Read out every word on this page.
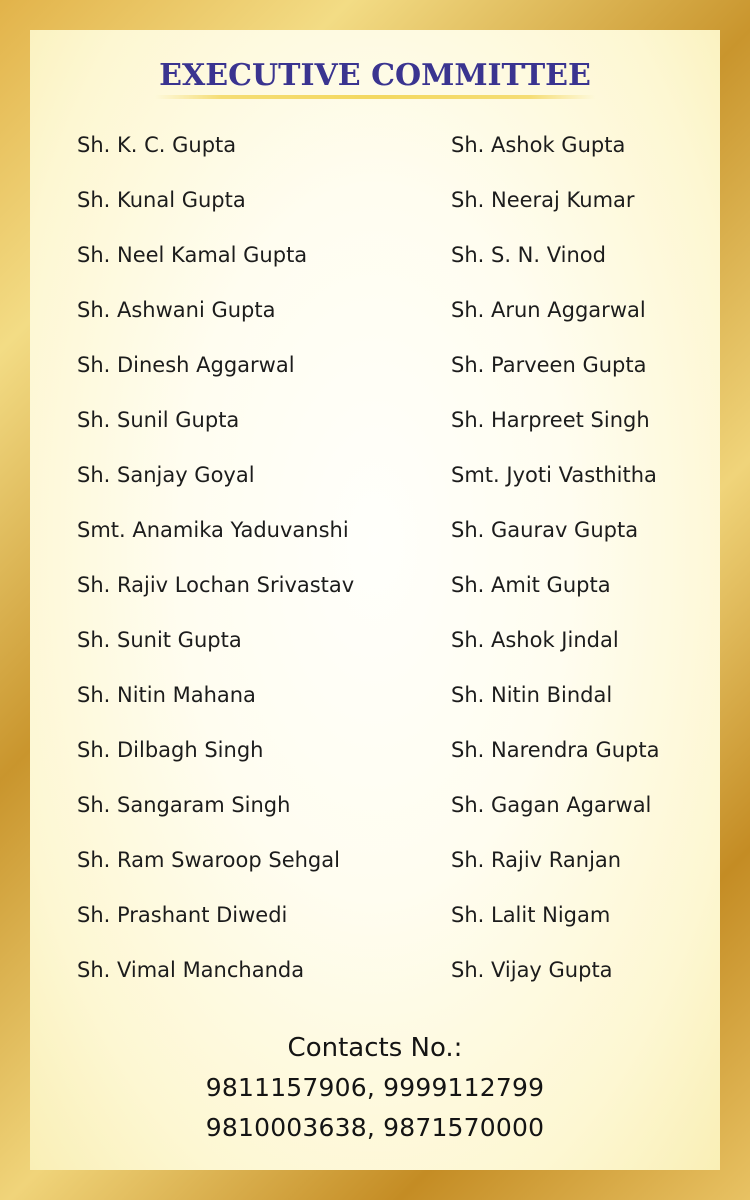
EXECUTIVE COMMITTEE
Sh. K. C. Gupta
Sh. Kunal Gupta
Sh. Neel Kamal Gupta
Sh. Ashwani Gupta
Sh. Dinesh Aggarwal
Sh. Sunil Gupta
Sh. Sanjay Goyal
Smt. Anamika Yaduvanshi
Sh. Rajiv Lochan Srivastav
Sh. Sunit Gupta
Sh. Nitin Mahana
Sh. Dilbagh Singh
Sh. Sangaram Singh
Sh. Ram Swaroop Sehgal
Sh. Prashant Diwedi
Sh. Vimal Manchanda
Sh. Ashok Gupta
Sh. Neeraj Kumar
Sh. S. N. Vinod
Sh. Arun Aggarwal
Sh. Parveen Gupta
Sh. Harpreet Singh
Smt. Jyoti Vasthitha
Sh. Gaurav Gupta
Sh. Amit Gupta
Sh. Ashok Jindal
Sh. Nitin Bindal
Sh. Narendra Gupta
Sh. Gagan Agarwal
Sh. Rajiv Ranjan
Sh. Lalit Nigam
Sh. Vijay Gupta
Contacts No.:
9811157906, 9999112799
9810003638, 9871570000
